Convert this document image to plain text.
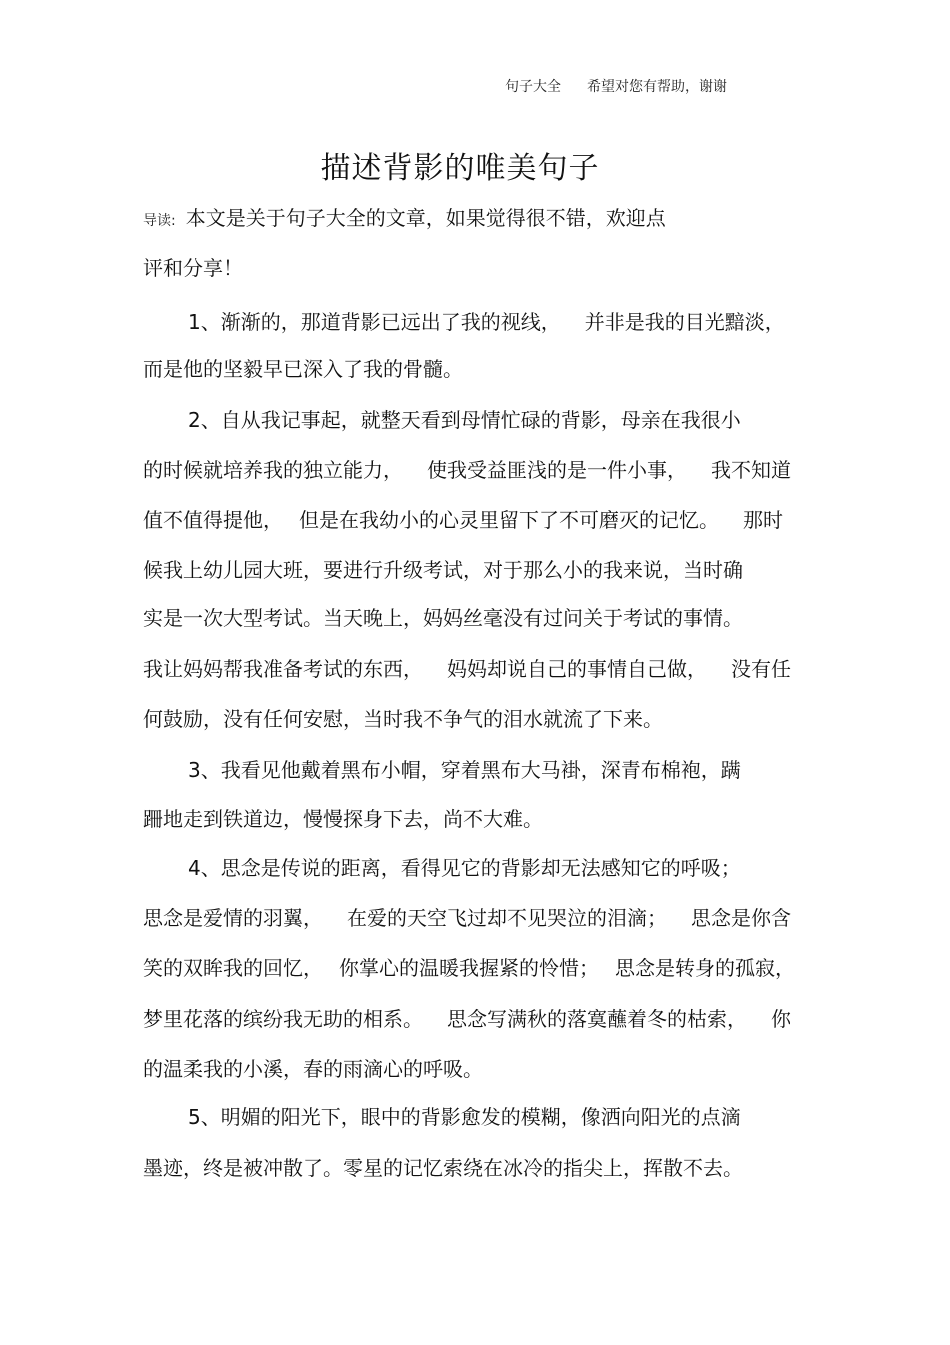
句子大全 希望对您有帮助，谢谢
描述背影的唯美句子
导读: 本文是关于句子大全的文章，如果觉得很不错，欢迎点
评和分享！
1、渐渐的，那道背影已远出了我的视线， 并非是我的目光黯淡，
而是他的坚毅早已深入了我的骨髓。
2、自从我记事起，就整天看到母情忙碌的背影，母亲在我很小
的时候就培养我的独立能力， 使我受益匪浅的是一件小事， 我不知道
值不值得提他， 但是在我幼小的心灵里留下了不可磨灭的记忆。 那时
候我上幼儿园大班，要进行升级考试，对于那么小的我来说，当时确
实是一次大型考试。当天晚上，妈妈丝毫没有过问关于考试的事情。
我让妈妈帮我准备考试的东西， 妈妈却说自己的事情自己做， 没有任
何鼓励，没有任何安慰，当时我不争气的泪水就流了下来。
3、我看见他戴着黑布小帽，穿着黑布大马褂，深青布棉袍，蹒
跚地走到铁道边，慢慢探身下去，尚不大难。
4、思念是传说的距离，看得见它的背影却无法感知它的呼吸；
思念是爱情的羽翼， 在爱的天空飞过却不见哭泣的泪滴； 思念是你含
笑的双眸我的回忆， 你掌心的温暖我握紧的怜惜； 思念是转身的孤寂，
梦里花落的缤纷我无助的相系。 思念写满秋的落寞蘸着冬的枯索， 你
的温柔我的小溪，春的雨滴心的呼吸。
5、明媚的阳光下，眼中的背影愈发的模糊，像洒向阳光的点滴
墨迹，终是被冲散了。零星的记忆索绕在冰冷的指尖上，挥散不去。
